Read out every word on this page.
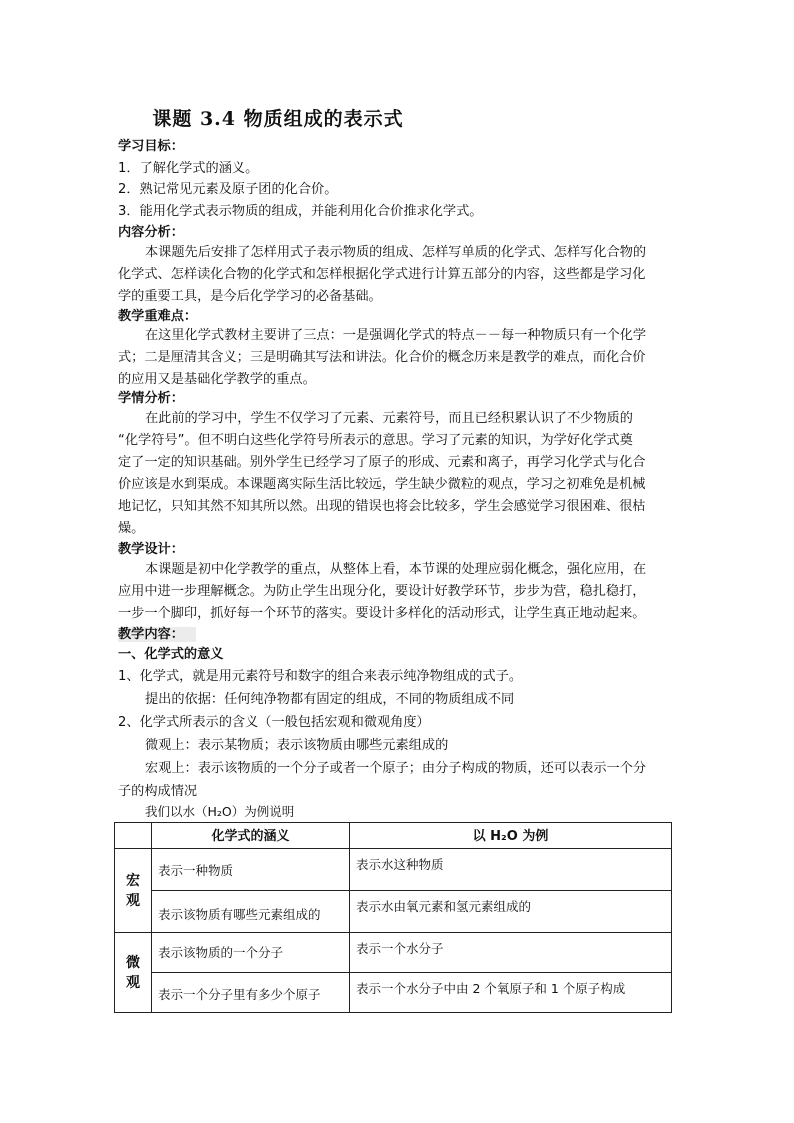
课题 3.4 物质组成的表示式
学习目标：
1．了解化学式的涵义。
2．熟记常见元素及原子团的化合价。
3．能用化学式表示物质的组成，并能利用化合价推求化学式。
内容分析：
本课题先后安排了怎样用式子表示物质的组成、怎样写单质的化学式、怎样写化合物的
化学式、怎样读化合物的化学式和怎样根据化学式进行计算五部分的内容，这些都是学习化
学的重要工具，是今后化学学习的必备基础。
教学重难点：
在这里化学式教材主要讲了三点：一是强调化学式的特点－－每一种物质只有一个化学
式；二是厘清其含义；三是明确其写法和讲法。化合价的概念历来是教学的难点，而化合价
的应用又是基础化学教学的重点。
学情分析：
在此前的学习中，学生不仅学习了元素、元素符号，而且已经积累认识了不少物质的
“化学符号”。但不明白这些化学符号所表示的意思。学习了元素的知识，为学好化学式奠
定了一定的知识基础。别外学生已经学习了原子的形成、元素和离子，再学习化学式与化合
价应该是水到渠成。本课题离实际生活比较远，学生缺少微粒的观点，学习之初难免是机械
地记忆，只知其然不知其所以然。出现的错误也将会比较多，学生会感觉学习很困难、很枯
燥。
教学设计：
本课题是初中化学教学的重点，从整体上看，本节课的处理应弱化概念，强化应用，在
应用中进一步理解概念。为防止学生出现分化，要设计好教学环节，步步为营，稳扎稳打，
一步一个脚印，抓好每一个环节的落实。要设计多样化的活动形式，让学生真正地动起来。
教学内容：
一、化学式的意义
1、化学式，就是用元素符号和数字的组合来表示纯净物组成的式子。
提出的依据：任何纯净物都有固定的组成，不同的物质组成不同
2、化学式所表示的含义（一般包括宏观和微观角度）
微观上：表示某物质；表示该物质由哪些元素组成的
宏观上：表示该物质的一个分子或者一个原子；由分子构成的物质，还可以表示一个分
子的构成情况
我们以水（H₂O）为例说明
	化学式的涵义	以 H₂O 为例

宏
观	表示一种物质	表示水这种物质
	表示该物质有哪些元素组成的	表示水由氧元素和氢元素组成的

微
观	表示该物质的一个分子	表示一个水分子
	表示一个分子里有多少个原子	表示一个水分子中由 2 个氧原子和 1 个原子构成
